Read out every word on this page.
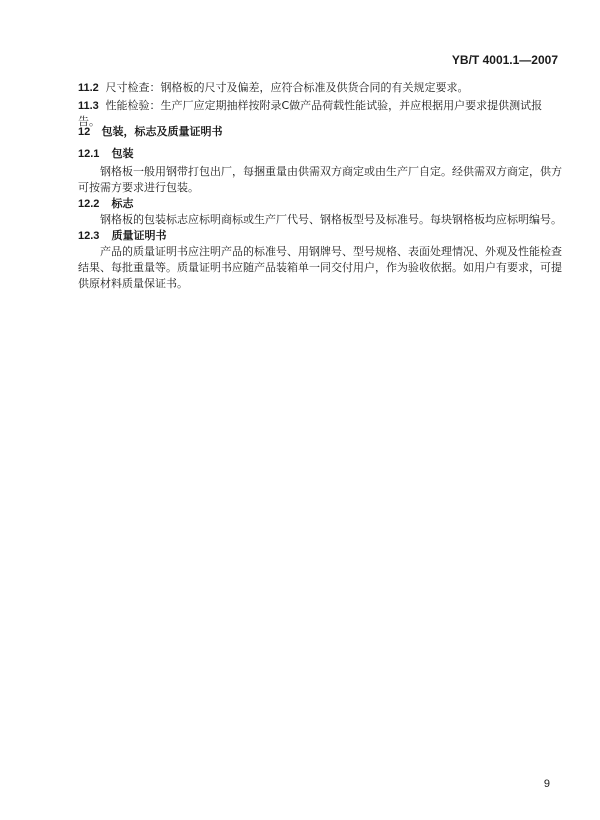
YB/T 4001.1—2007
11.2 尺寸检查：钢格板的尺寸及偏差，应符合标准及供货合同的有关规定要求。
11.3 性能检验：生产厂应定期抽样按附录C做产品荷载性能试验，并应根据用户要求提供测试报告。
12 包装，标志及质量证明书
12.1 包装
钢格板一般用钢带打包出厂，每捆重量由供需双方商定或由生产厂自定。经供需双方商定，供方可按需方要求进行包装。
12.2 标志
钢格板的包装标志应标明商标或生产厂代号、钢格板型号及标准号。每块钢格板均应标明编号。
12.3 质量证明书
产品的质量证明书应注明产品的标准号、用钢牌号、型号规格、表面处理情况、外观及性能检查结果、每批重量等。质量证明书应随产品装箱单一同交付用户，作为验收依据。如用户有要求，可提供原材料质量保证书。
9
